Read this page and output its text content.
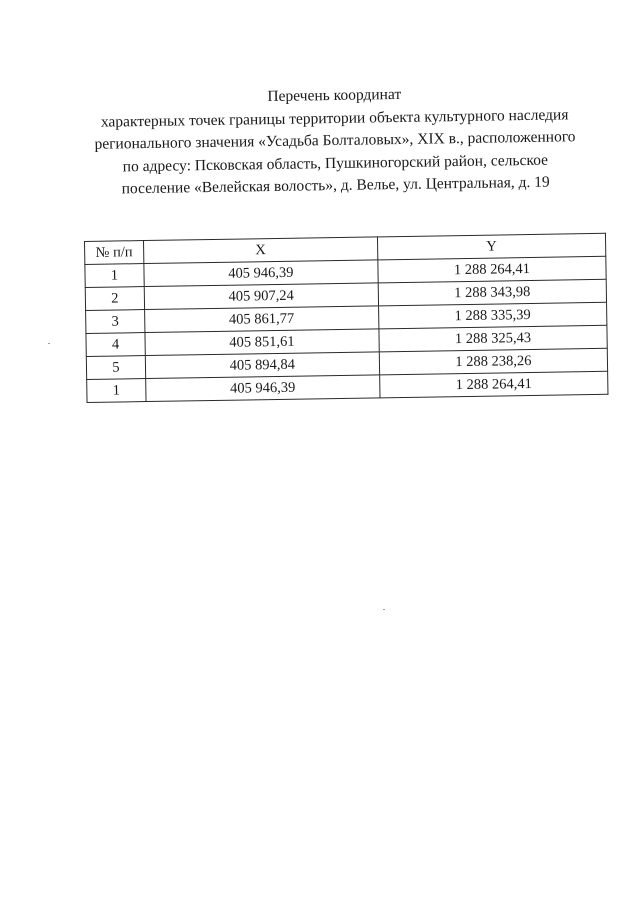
Перечень координат
характерных точек границы территории объекта культурного наследия
регионального значения «Усадьба Болталовых», XIX в., расположенного
по адресу: Псковская область, Пушкиногорский район, сельское
поселение «Велейская волость», д. Велье, ул. Центральная, д. 19
№ п/п	X	Y
1	405 946,39	1 288 264,41
2	405 907,24	1 288 343,98
3	405 861,77	1 288 335,39
4	405 851,61	1 288 325,43
5	405 894,84	1 288 238,26
1	405 946,39	1 288 264,41
